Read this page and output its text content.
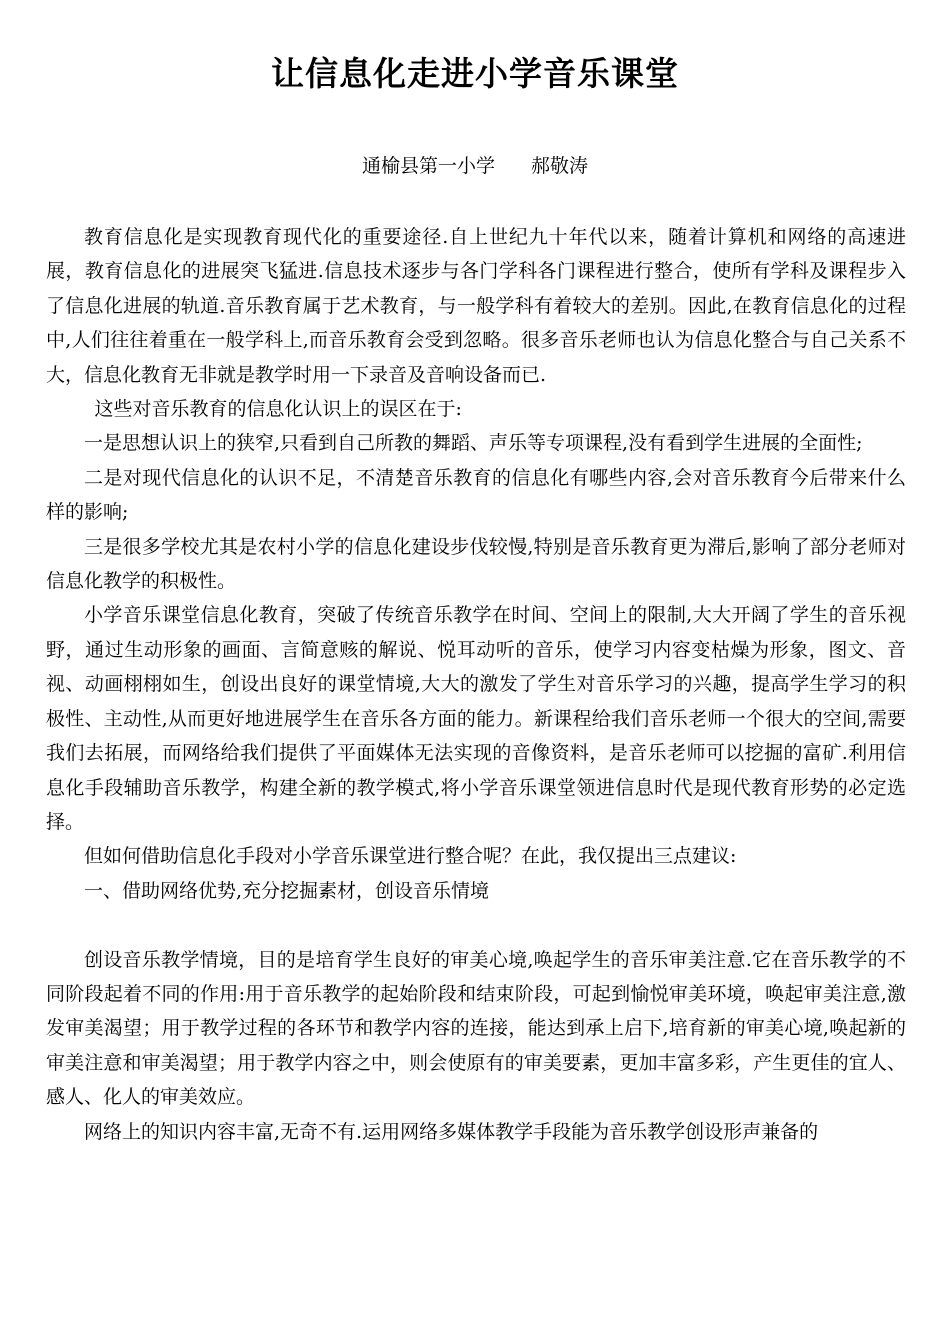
让信息化走进小学音乐课堂
通榆县第一小学 郝敬涛

教育信息化是实现教育现代化的重要途径.自上世纪九十年代以来，随着计算机和网络的高速进展，教育信息化的进展突飞猛进.信息技术逐步与各门学科各门课程进行整合，使所有学科及课程步入了信息化进展的轨道.音乐教育属于艺术教育，与一般学科有着较大的差别。因此,在教育信息化的过程中,人们往往着重在一般学科上,而音乐教育会受到忽略。很多音乐老师也认为信息化整合与自己关系不大，信息化教育无非就是教学时用一下录音及音响设备而已.

这些对音乐教育的信息化认识上的误区在于:

一是思想认识上的狭窄,只看到自己所教的舞蹈、声乐等专项课程,没有看到学生进展的全面性;

二是对现代信息化的认识不足，不清楚音乐教育的信息化有哪些内容,会对音乐教育今后带来什么样的影响;

三是很多学校尤其是农村小学的信息化建设步伐较慢,特别是音乐教育更为滞后,影响了部分老师对信息化教学的积极性。

小学音乐课堂信息化教育，突破了传统音乐教学在时间、空间上的限制,大大开阔了学生的音乐视野，通过生动形象的画面、言简意赅的解说、悦耳动听的音乐，使学习内容变枯燥为形象，图文、音视、动画栩栩如生，创设出良好的课堂情境,大大的激发了学生对音乐学习的兴趣，提高学生学习的积极性、主动性,从而更好地进展学生在音乐各方面的能力。新课程给我们音乐老师一个很大的空间,需要我们去拓展，而网络给我们提供了平面媒体无法实现的音像资料，是音乐老师可以挖掘的富矿.利用信息化手段辅助音乐教学，构建全新的教学模式,将小学音乐课堂领进信息时代是现代教育形势的必定选择。

但如何借助信息化手段对小学音乐课堂进行整合呢？在此，我仅提出三点建议:

一、借助网络优势,充分挖掘素材，创设音乐情境

创设音乐教学情境，目的是培育学生良好的审美心境,唤起学生的音乐审美注意.它在音乐教学的不同阶段起着不同的作用:用于音乐教学的起始阶段和结束阶段，可起到愉悦审美环境，唤起审美注意,激发审美渴望；用于教学过程的各环节和教学内容的连接，能达到承上启下,培育新的审美心境,唤起新的审美注意和审美渴望；用于教学内容之中，则会使原有的审美要素，更加丰富多彩，产生更佳的宜人、感人、化人的审美效应。

网络上的知识内容丰富,无奇不有.运用网络多媒体教学手段能为音乐教学创设形声兼备的
